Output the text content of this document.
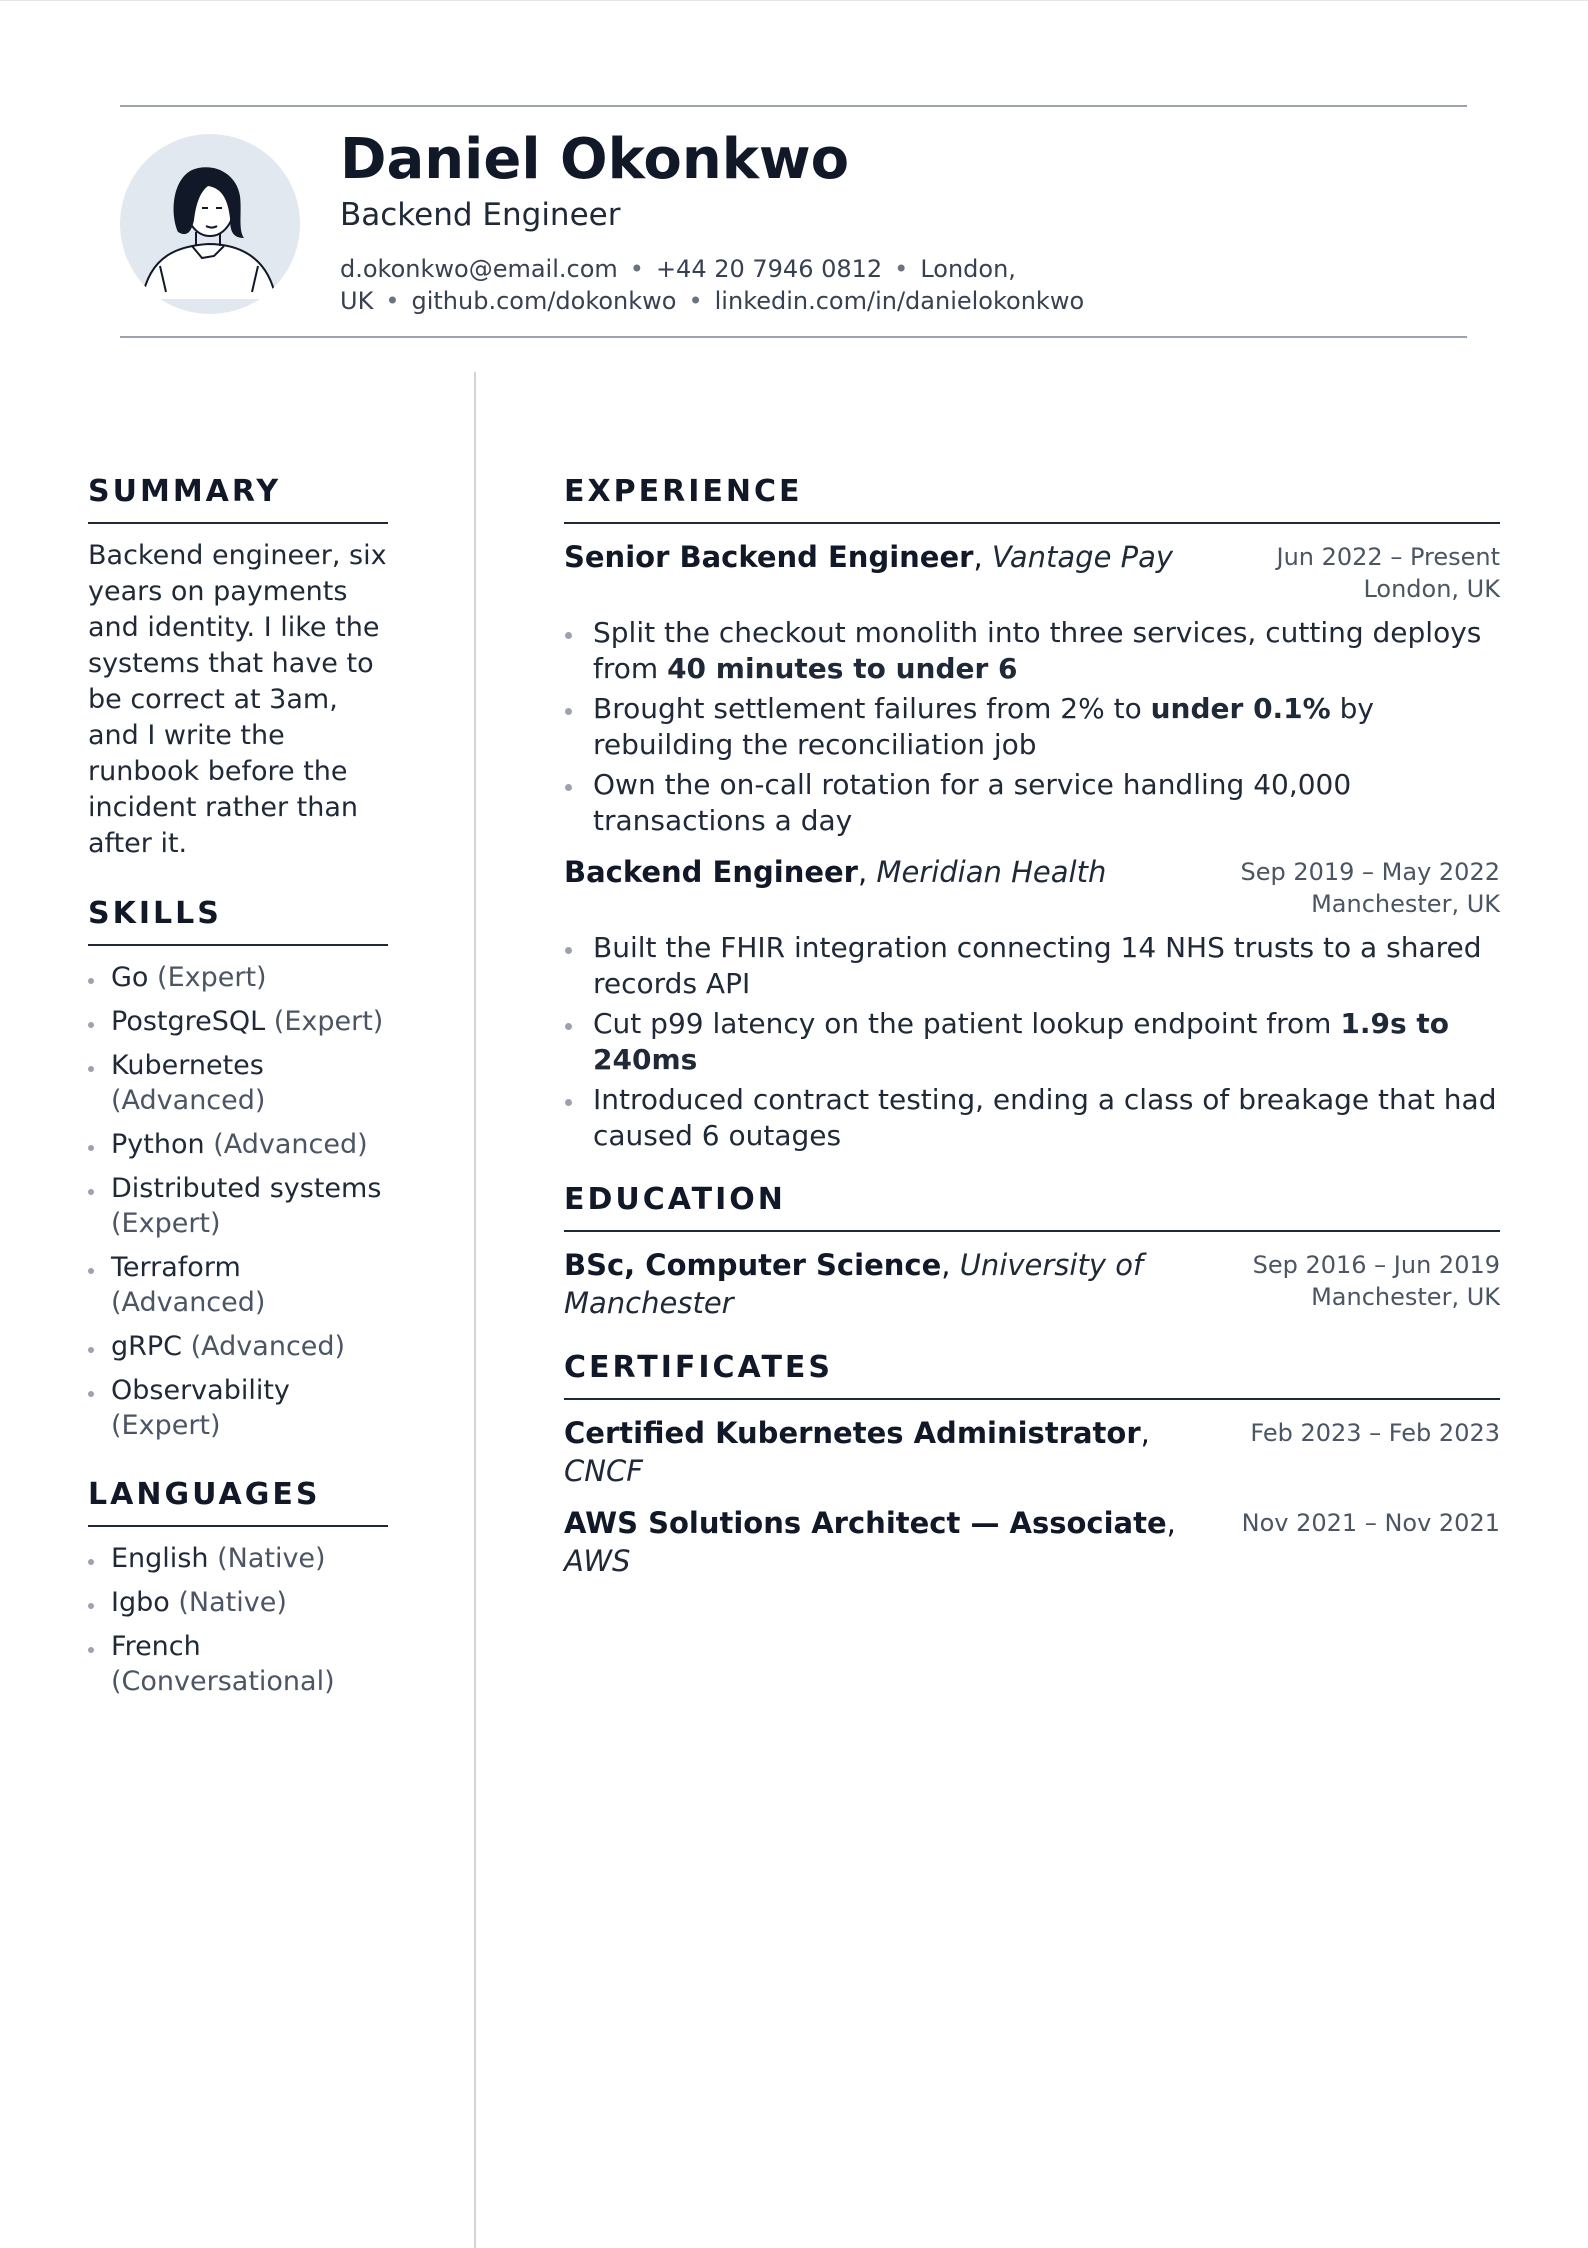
Daniel Okonkwo
Backend Engineer
d.okonkwo@email.com • +44 20 7946 0812 • London, UK • github.com/dokonkwo • linkedin.com/in/danielokonkwo
SUMMARY

Backend engineer, six years on payments and identity. I like the systems that have to be correct at 3am, and I write the runbook before the incident rather than after it.

SKILLS
Go (Expert)
PostgreSQL (Expert)
Kubernetes (Advanced)
Python (Advanced)
Distributed systems (Expert)
Terraform (Advanced)
gRPC (Advanced)
Observability (Expert)
LANGUAGES
English (Native)
Igbo (Native)
French (Conversational)
EXPERIENCE
Senior Backend Engineer, Vantage Pay	Jun 2022 – Present
London, UK
Split the checkout monolith into three services, cutting deploys from 40 minutes to under 6
Brought settlement failures from 2% to under 0.1% by rebuilding the reconciliation job
Own the on-call rotation for a service handling 40,000 transactions a day
Backend Engineer, Meridian Health	Sep 2019 – May 2022
Manchester, UK
Built the FHIR integration connecting 14 NHS trusts to a shared records API
Cut p99 latency on the patient lookup endpoint from 1.9s to 240ms
Introduced contract testing, ending a class of breakage that had caused 6 outages
EDUCATION
BSc, Computer Science, University of Manchester
Sep 2016 – Jun 2019
Manchester, UK
CERTIFICATES
Certified Kubernetes Administrator, CNCF
Feb 2023 – Feb 2023
AWS Solutions Architect — Associate, AWS
Nov 2021 – Nov 2021
